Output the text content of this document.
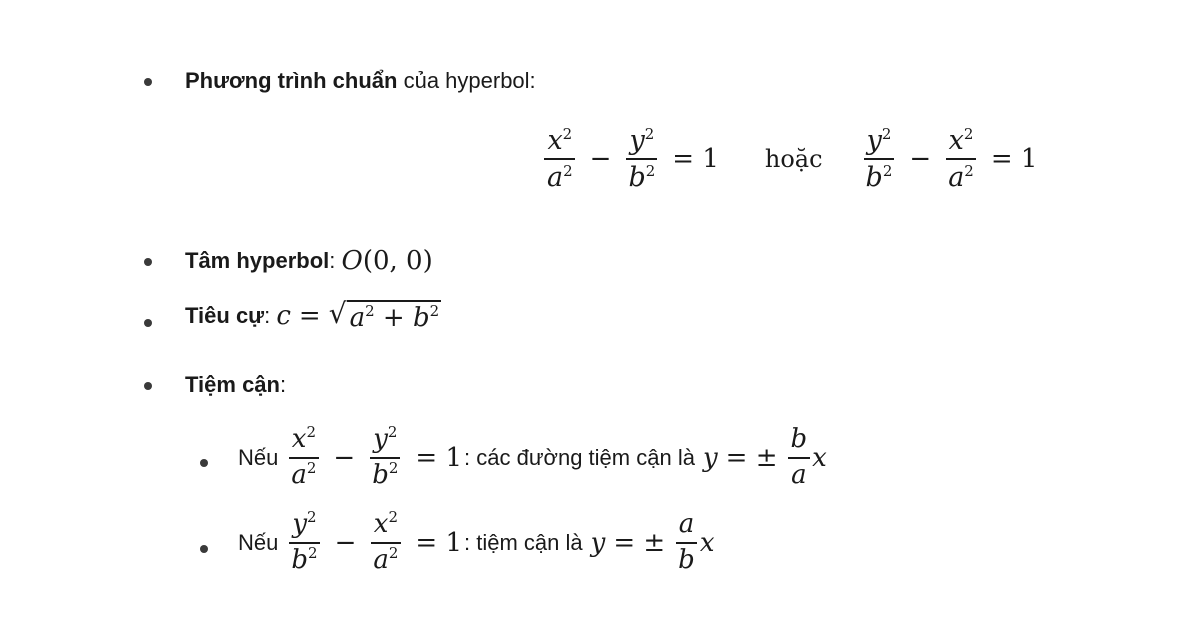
Phương trình chuẩn
của hyperbol:
$\frac{x^2}{a^2} - \frac{y^2}{b^2} = 1$ hoặc $\frac{y^2}{b^2} - \frac{x^2}{a^2} = 1$
Tâm hyperbol :
O(0, 0)
Tiêu cự :
c = √ $a^2 + b^2$
Tiệm cận :
Nếu $\frac{x^2}{a^2} - \frac{y^2}{b^2} = 1$ : các đường tiệm cận là y = ± $\frac{b}{a}$ x
Nếu $\frac{y^2}{b^2} - \frac{x^2}{a^2} = 1$ : tiệm cận là y = ± $\frac{a}{b}$ x
